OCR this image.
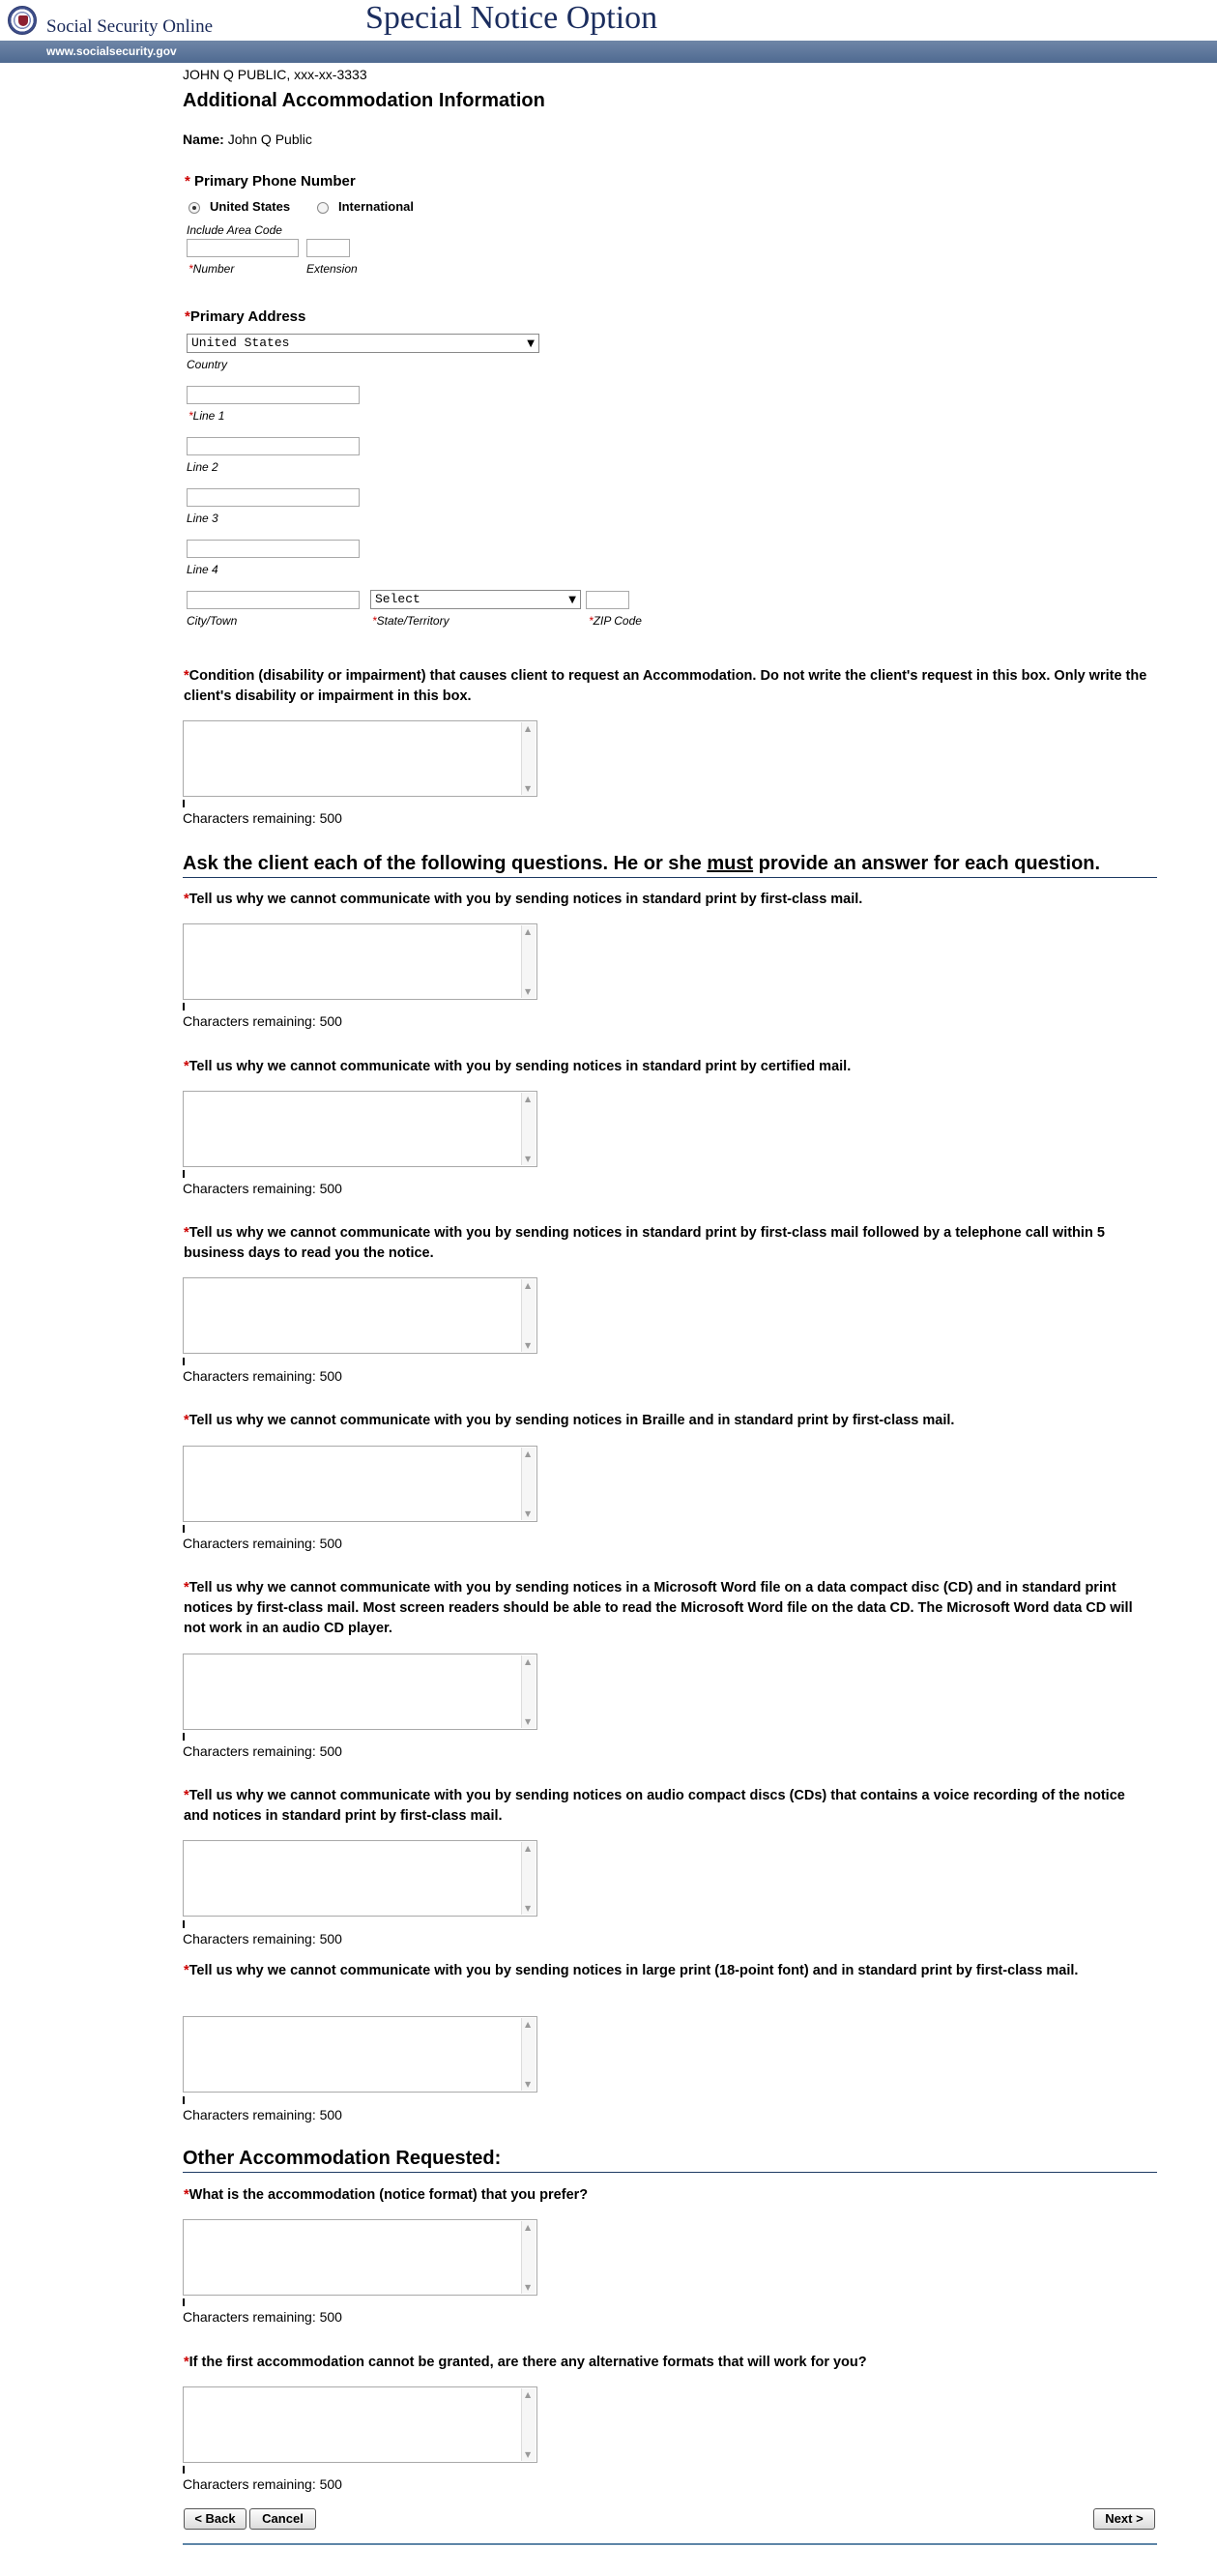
Social Security Online	Special Notice Option
www.socialsecurity.gov
JOHN Q PUBLIC, xxx-xx-3333
Additional Accommodation Information
Name: John Q Public
* Primary Phone Number
United States	International
Include Area Code
*Number	Extension
*Primary Address
United States	▼
Country
*Line 1
Line 2
Line 3
Line 4
Select	▼
City/Town	*State/Territory	*ZIP Code
*Condition (disability or impairment) that causes client to request an Accommodation. Do not write the client's request in this box. Only write the client's disability or impairment in this box.
▲
▼
Characters remaining: 500
Ask the client each of the following questions. He or she must provide an answer for each question.
*Tell us why we cannot communicate with you by sending notices in standard print by first-class mail.
▲
▼
Characters remaining: 500
*Tell us why we cannot communicate with you by sending notices in standard print by certified mail.
▲
▼
Characters remaining: 500
*Tell us why we cannot communicate with you by sending notices in standard print by first-class mail followed by a telephone call within 5 business days to read you the notice.
▲
▼
Characters remaining: 500
*Tell us why we cannot communicate with you by sending notices in Braille and in standard print by first-class mail.
▲
▼
Characters remaining: 500
*Tell us why we cannot communicate with you by sending notices in a Microsoft Word file on a data compact disc (CD) and in standard print notices by first-class mail. Most screen readers should be able to read the Microsoft Word file on the data CD. The Microsoft Word data CD will not work in an audio CD player.
▲
▼
Characters remaining: 500
*Tell us why we cannot communicate with you by sending notices on audio compact discs (CDs) that contains a voice recording of the notice and notices in standard print by first-class mail.
▲
▼
Characters remaining: 500
*Tell us why we cannot communicate with you by sending notices in large print (18-point font) and in standard print by first-class mail.
▲
▼
Characters remaining: 500
Other Accommodation Requested:
*What is the accommodation (notice format) that you prefer?
▲
▼
Characters remaining: 500
*If the first accommodation cannot be granted, are there any alternative formats that will work for you?
▲
▼
Characters remaining: 500
< Back	Cancel	Next >
